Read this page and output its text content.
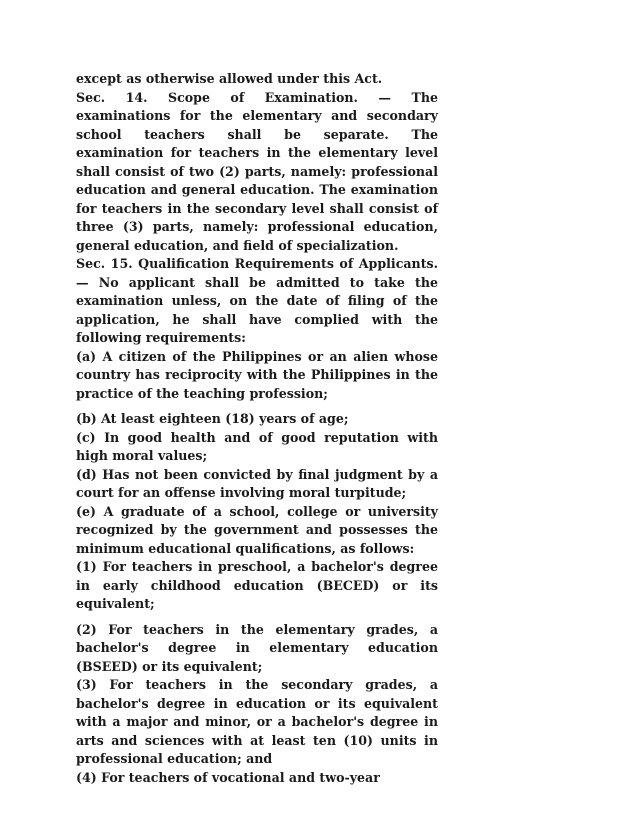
except as otherwise allowed under this Act.

Sec. 14. Scope of Examination. — The examinations for the elementary and secondary school teachers shall be separate. The examination for teachers in the elementary level shall consist of two (2) parts, namely: professional education and general education. The examination for teachers in the secondary level shall consist of three (3) parts, namely: professional education, general education, and field of specialization.

Sec. 15. Qualification Requirements of Applicants. — No applicant shall be admitted to take the examination unless, on the date of filing of the application, he shall have complied with the following requirements:

(a) A citizen of the Philippines or an alien whose country has reciprocity with the Philippines in the practice of the teaching profession;

(b) At least eighteen (18) years of age;

(c) In good health and of good reputation with high moral values;

(d) Has not been convicted by final judgment by a court for an offense involving moral turpitude;

(e) A graduate of a school, college or university recognized by the government and possesses the minimum educational qualifications, as follows:

(1) For teachers in preschool, a bachelor's degree in early childhood education (BECED) or its equivalent;

(2) For teachers in the elementary grades, a bachelor's degree in elementary education (BSEED) or its equivalent;

(3) For teachers in the secondary grades, a bachelor's degree in education or its equivalent with a major and minor, or a bachelor's degree in arts and sciences with at least ten (10) units in professional education; and

(4) For teachers of vocational and two-year
